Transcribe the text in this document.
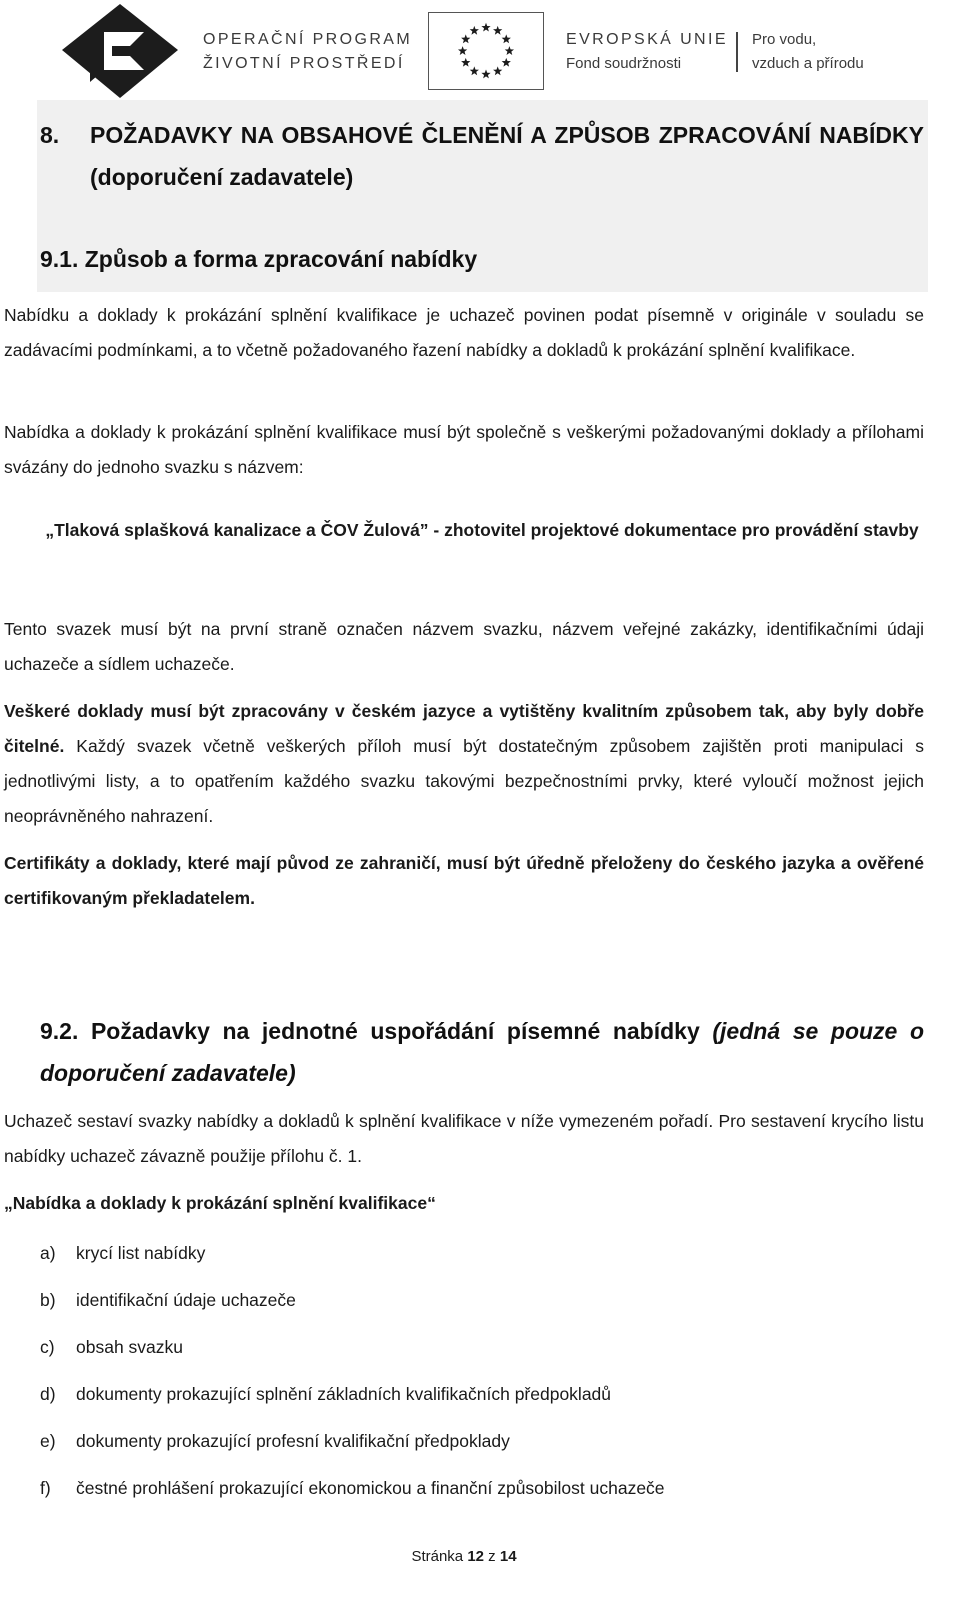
OPERAČNÍ PROGRAM
ŽIVOTNÍ PROSTŘEDÍ
EVROPSKÁ UNIE
Fond soudržnosti
Pro vodu,
vzduch a přírodu
8.	POŽADAVKY NA OBSAHOVÉ ČLENĚNÍ A ZPŮSOB ZPRACOVÁNÍ NABÍDKY (doporučení zadavatele)
9.1. Způsob a forma zpracování nabídky
Nabídku a doklady k prokázání splnění kvalifikace je uchazeč povinen podat písemně v originále v souladu se zadávacími podmínkami, a to včetně požadovaného řazení nabídky a dokladů k prokázání splnění kvalifikace.
Nabídka a doklady k prokázání splnění kvalifikace musí být společně s veškerými požadovanými doklady a přílohami svázány do jednoho svazku s názvem:
„Tlaková splašková kanalizace a ČOV Žulová” - zhotovitel projektové dokumentace pro provádění stavby
Tento svazek musí být na první straně označen názvem svazku, názvem veřejné zakázky, identifikačními údaji uchazeče a sídlem uchazeče.
Veškeré doklady musí být zpracovány v českém jazyce a vytištěny kvalitním způsobem tak, aby byly dobře čitelné. Každý svazek včetně veškerých příloh musí být dostatečným způsobem zajištěn proti manipulaci s jednotlivými listy, a to opatřením každého svazku takovými bezpečnostními prvky, které vyloučí možnost jejich neoprávněného nahrazení.
Certifikáty a doklady, které mají původ ze zahraničí, musí být úředně přeloženy do českého jazyka a ověřené certifikovaným překladatelem.
9.2. Požadavky na jednotné uspořádání písemné nabídky (jedná se pouze o doporučení zadavatele)
Uchazeč sestaví svazky nabídky a dokladů k splnění kvalifikace v níže vymezeném pořadí. Pro sestavení krycího listu nabídky uchazeč závazně použije přílohu č. 1.
„Nabídka a doklady k prokázání splnění kvalifikace“
a) krycí list nabídky
b) identifikační údaje uchazeče
c) obsah svazku
d) dokumenty prokazující splnění základních kvalifikačních předpokladů
e) dokumenty prokazující profesní kvalifikační předpoklady
f) čestné prohlášení prokazující ekonomickou a finanční způsobilost uchazeče
Stránka 12 z 14
